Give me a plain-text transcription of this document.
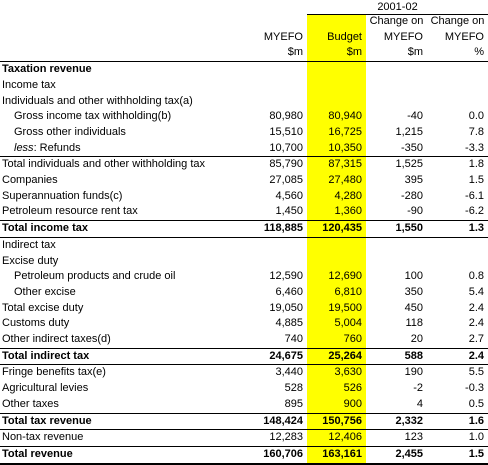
2001-02
			Change on	Change on
	MYEFO	Budget	MYEFO	MYEFO
	$m	$m	$m	%
Taxation revenue				
Income tax				
Individuals and other withholding tax(a)				
Gross income tax withholding(b)	80,980	80,940	-40	0.0
Gross other individuals	15,510	16,725	1,215	7.8
less: Refunds	10,700	10,350	-350	-3.3
Total individuals and other withholding tax	85,790	87,315	1,525	1.8
Companies	27,085	27,480	395	1.5
Superannuation funds(c)	4,560	4,280	-280	-6.1
Petroleum resource rent tax	1,450	1,360	-90	-6.2
Total income tax	118,885	120,435	1,550	1.3
Indirect tax				
Excise duty				
Petroleum products and crude oil	12,590	12,690	100	0.8
Other excise	6,460	6,810	350	5.4
Total excise duty	19,050	19,500	450	2.4
Customs duty	4,885	5,004	118	2.4
Other indirect taxes(d)	740	760	20	2.7
Total indirect tax	24,675	25,264	588	2.4
Fringe benefits tax(e)	3,440	3,630	190	5.5
Agricultural levies	528	526	-2	-0.3
Other taxes	895	900	4	0.5
Total tax revenue	148,424	150,756	2,332	1.6
Non-tax revenue	12,283	12,406	123	1.0
Total revenue	160,706	163,161	2,455	1.5
